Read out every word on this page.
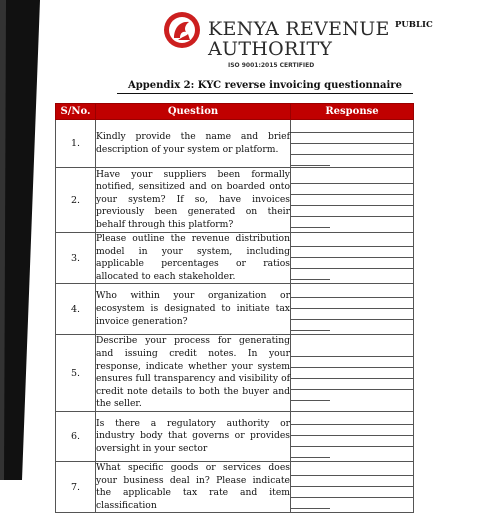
KENYA REVENUE
AUTHORITY
ISO 9001:2015 CERTIFIED
PUBLIC
Appendix 2: KYC reverse invoicing questionnaire
S/No.	Question	Response
1.	Kindly provide the name and brief description of your system or platform.	

2.	Have your suppliers been formally notified, sensitized and on boarded onto your system? If so, have invoices previously been generated on their behalf through this platform?	

3.	Please outline the revenue distribution model in your system, including applicable percentages or ratios allocated to each stakeholder.	

4.	Who within your organization or ecosystem is designated to initiate tax invoice generation?	

5.	Describe your process for generating and issuing credit notes. In your response, indicate whether your system ensures full transparency and visibility of credit note details to both the buyer and the seller.	

6.	Is there a regulatory authority or industry body that governs or provides oversight in your sector	

7.	What specific goods or services does your business deal in? Please indicate the applicable tax rate and item classification	
